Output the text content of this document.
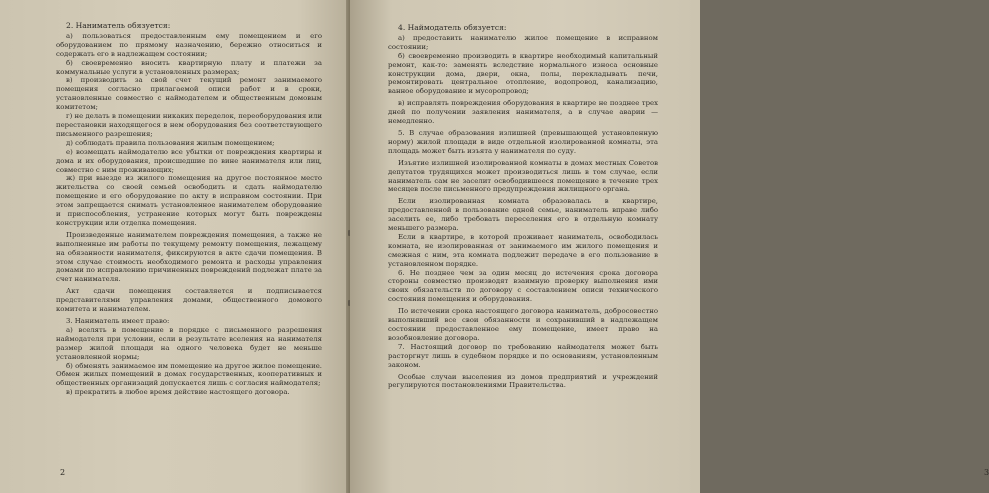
2. Наниматель обязуется:

а) пользоваться предоставленным ему помещением и его оборудованием по прямому назначению, бережно относиться и содержать его в надлежащем состоянии;

б) своевременно вносить квартирную плату и платежи за коммунальные услуги в установленных размерах;

в) производить за свой счет текущий ремонт занимаемого помещения согласно прилагаемой описи работ и в сроки, установленные совместно с наймодателем и общественным домовым комитетом;

г) не делать в помещении никаких переделок, переоборудования или перестановки находящегося в нем оборудования без соответствующего письменного разрешения;

д) соблюдать правила пользования жилым помещением;

е) возмещать наймодателю все убытки от повреждения квартиры и дома и их оборудования, происшедшие по вине нанимателя или лиц, совместно с ним проживающих;

ж) при выезде из жилого помещения на другое постоянное место жительства со своей семьей освободить и сдать наймодателю помещение и его оборудование по акту в исправном состоянии. При этом запрещается снимать установленное нанимателем оборудование и приспособления, устранение которых могут быть повреждены конструкции или отделка помещения.

Произведенные нанимателем повреждения помещения, а также не выполненные им работы по текущему ремонту помещения, лежащему на обязанности нанимателя, фиксируются в акте сдачи помещения. В этом случае стоимость необходимого ремонта и расходы управления домами по исправлению причиненных повреждений подлежат плате за счет нанимателя.

Акт сдачи помещения составляется и подписывается представителями управления домами, общественного домового комитета и нанимателем.

3. Наниматель имеет право:

а) вселять в помещение в порядке с письменного разрешения наймодателя при условии, если в результате вселения на нанимателя размер жилой площади на одного человека будет не меньше установленной нормы;

б) обменять занимаемое им помещение на другое жилое помещение. Обмен жилых помещений в домах государственных, кооперативных и общественных организаций допускается лишь с согласия наймодателя;

в) прекратить в любое время действие настоящего договора.

2

4. Наймодатель обязуется:

а) предоставить нанимателю жилое помещение в исправном состоянии;

б) своевременно производить в квартире необходимый капитальный ремонт, как-то: заменять вследствие нормального износа основные конструкции дома, двери, окна, полы, перекладывать печи, ремонтировать центральное отопление, водопровод, канализацию, ванное оборудование и мусоропровод;

в) исправлять повреждения оборудования в квартире не позднее трех дней по получении заявления нанимателя, а в случае аварии — немедленно.

5. В случае образования излишней (превышающей установленную норму) жилой площади в виде отдельной изолированной комнаты, эта площадь может быть изъята у нанимателя по суду.

Изъятие излишней изолированной комнаты в домах местных Советов депутатов трудящихся может производиться лишь в том случае, если наниматель сам не заселит освободившееся помещение в течение трех месяцев после письменного предупреждения жилищного органа.

Если изолированная комната образовалась в квартире, предоставленной в пользование одной семье, наниматель вправе либо заселить ее, либо требовать переселения его в отдельную комнату меньшего размера.

Если в квартире, в которой проживает наниматель, освободилась комната, не изолированная от занимаемого им жилого помещения и смежная с ним, эта комната подлежит передаче в его пользование в установленном порядке.

6. Не позднее чем за один месяц до истечения срока договора стороны совместно производят взаимную проверку выполнения ими своих обязательств по договору с составлением описи технического состояния помещения и оборудования.

По истечении срока настоящего договора наниматель, добросовестно выполнявший все свои обязанности и сохранивший в надлежащем состоянии предоставленное ему помещение, имеет право на возобновление договора.

7. Настоящий договор по требованию наймодателя может быть расторгнут лишь в судебном порядке и по основаниям, установленным законом.

Особые случаи выселения из домов предприятий и учреждений регулируются постановлениями Правительства.

3
